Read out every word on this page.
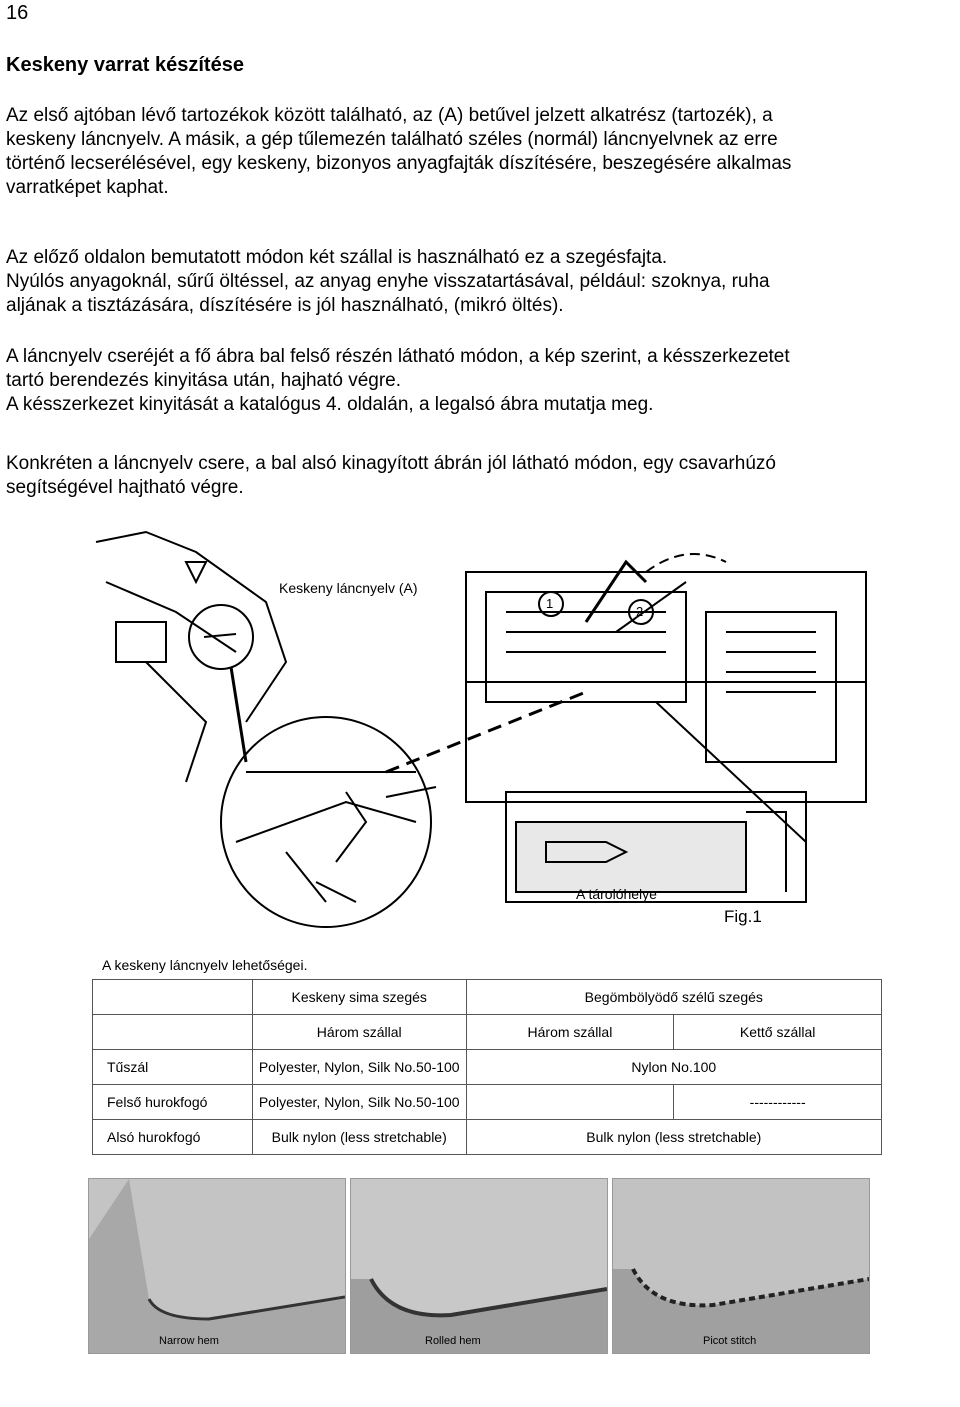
16
Keskeny varrat készítése
Az első ajtóban lévő tartozékok között található, az (A) betűvel jelzett alkatrész (tartozék), a
keskeny láncnyelv. A másik, a gép tűlemezén található széles (normál) láncnyelvnek az erre
történő lecserélésével, egy keskeny, bizonyos anyagfajták díszítésére, beszegésére alkalmas
varratképet kaphat.
Az előző oldalon bemutatott módon két szállal is használható ez a szegésfajta.
Nyúlós anyagoknál, sűrű öltéssel, az anyag enyhe visszatartásával, például: szoknya, ruha
aljának a tisztázására, díszítésére is jól használható, (mikró öltés).
A láncnyelv cseréjét a fő ábra bal felső részén látható módon, a kép szerint, a késszerkezetet
tartó berendezés kinyitása után, hajható végre.
A késszerkezet kinyitását a katalógus 4. oldalán, a legalsó ábra mutatja meg.
Konkréten a láncnyelv csere, a bal alsó kinagyított ábrán jól látható módon, egy csavarhúzó
segítségével hajtható végre.
Keskeny láncnyelv (A)
1
2
A tárolóhelye
Fig.1
A keskeny láncnyelv lehetőségei.
	Keskeny sima szegés	Begömbölyödő szélű szegés	
	Három szállal	Három szállal	Kettő szállal
Tűszál	Polyester, Nylon, Silk No.50-100	Nylon No.100	
Felső hurokfogó	Polyester, Nylon, Silk No.50-100		------------
Alsó hurokfogó	Bulk nylon (less stretchable)	Bulk nylon (less stretchable)	
Narrow hem	Rolled hem	Picot stitch
